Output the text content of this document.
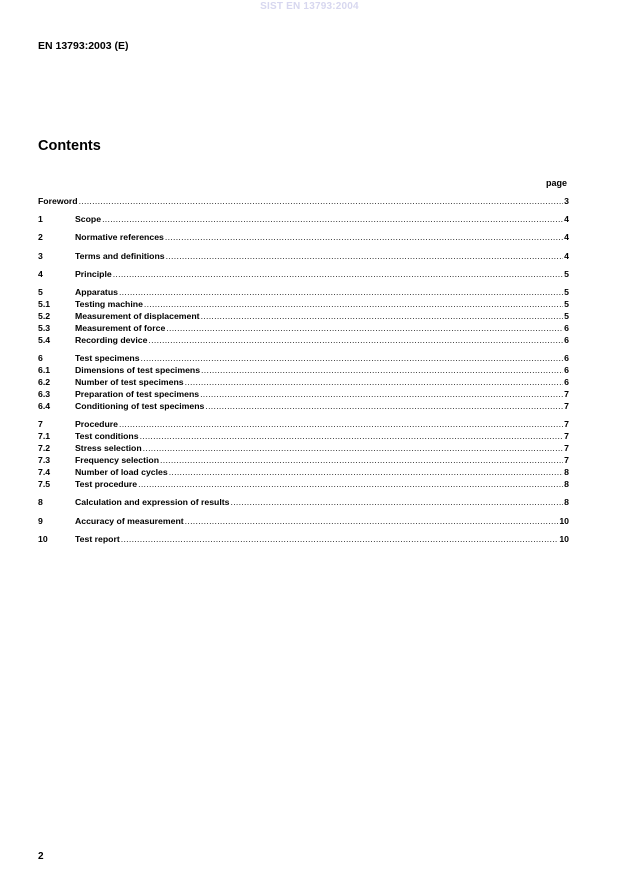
SIST EN 13793:2004
EN 13793:2003 (E)
Contents
page
Foreword .....	3
1	Scope .....	4
2	Normative references .....	4
3	Terms and definitions .....	4
4	Principle .....	5
5	Apparatus .....	5
5.1	Testing machine .....	5
5.2	Measurement of displacement .....	5
5.3	Measurement of force .....	6
5.4	Recording device .....	6
6	Test specimens .....	6
6.1	Dimensions of test specimens .....	6
6.2	Number of test specimens .....	6
6.3	Preparation of test specimens .....	7
6.4	Conditioning of test specimens .....	7
7	Procedure .....	7
7.1	Test conditions .....	7
7.2	Stress selection .....	7
7.3	Frequency selection .....	7
7.4	Number of load cycles .....	8
7.5	Test procedure .....	8
8	Calculation and expression of results .....	8
9	Accuracy of measurement .....	10
10	Test report .....	10
2
